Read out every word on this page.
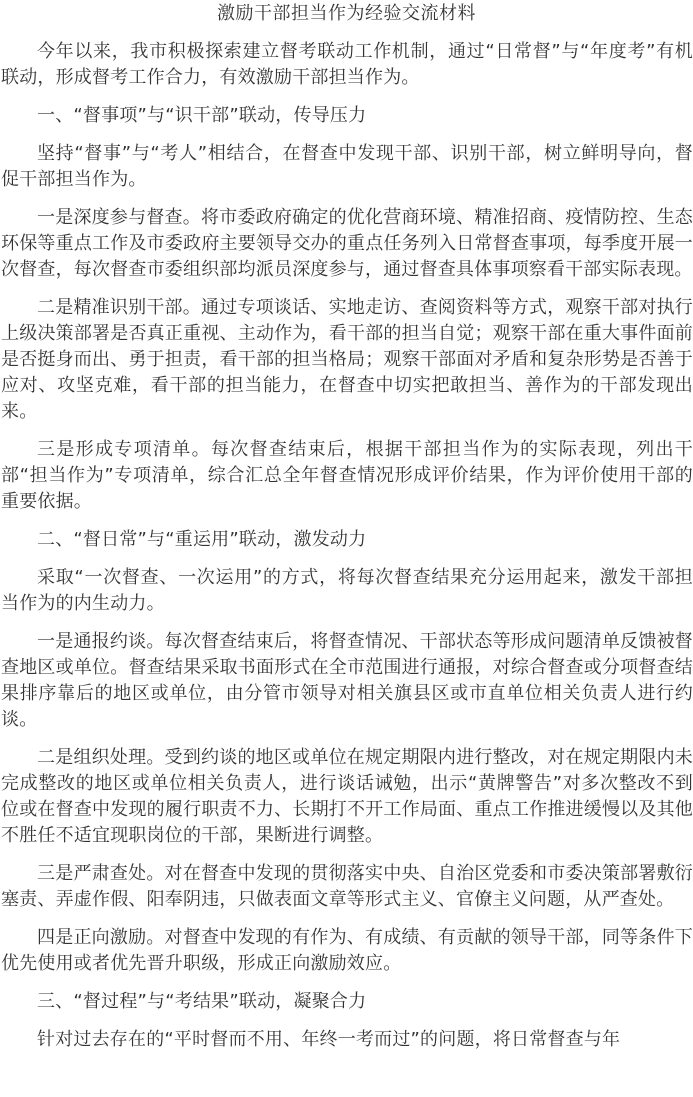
激励干部担当作为经验交流材料

今年以来，我市积极探索建立督考联动工作机制，通过“日常督”与“年度考”有机联动，形成督考工作合力，有效激励干部担当作为。

一、“督事项”与“识干部”联动，传导压力

坚持“督事”与“考人”相结合，在督查中发现干部、识别干部，树立鲜明导向，督促干部担当作为。

一是深度参与督查。将市委政府确定的优化营商环境、精准招商、疫情防控、生态环保等重点工作及市委政府主要领导交办的重点任务列入日常督查事项，每季度开展一次督查，每次督查市委组织部均派员深度参与，通过督查具体事项察看干部实际表现。

二是精准识别干部。通过专项谈话、实地走访、查阅资料等方式，观察干部对执行上级决策部署是否真正重视、主动作为，看干部的担当自觉；观察干部在重大事件面前是否挺身而出、勇于担责，看干部的担当格局；观察干部面对矛盾和复杂形势是否善于应对、攻坚克难，看干部的担当能力，在督查中切实把敢担当、善作为的干部发现出来。

三是形成专项清单。每次督查结束后，根据干部担当作为的实际表现，列出干部“担当作为”专项清单，综合汇总全年督查情况形成评价结果，作为评价使用干部的重要依据。

二、“督日常”与“重运用”联动，激发动力

采取“一次督查、一次运用”的方式，将每次督查结果充分运用起来，激发干部担当作为的内生动力。

一是通报约谈。每次督查结束后，将督查情况、干部状态等形成问题清单反馈被督查地区或单位。督查结果采取书面形式在全市范围进行通报，对综合督查或分项督查结果排序靠后的地区或单位，由分管市领导对相关旗县区或市直单位相关负责人进行约谈。

二是组织处理。受到约谈的地区或单位在规定期限内进行整改，对在规定期限内未完成整改的地区或单位相关负责人，进行谈话诫勉，出示“黄牌警告”对多次整改不到位或在督查中发现的履行职责不力、长期打不开工作局面、重点工作推进缓慢以及其他不胜任不适宜现职岗位的干部，果断进行调整。

三是严肃查处。对在督查中发现的贯彻落实中央、自治区党委和市委决策部署敷衍塞责、弄虚作假、阳奉阴违，只做表面文章等形式主义、官僚主义问题，从严查处。

四是正向激励。对督查中发现的有作为、有成绩、有贡献的领导干部，同等条件下优先使用或者优先晋升职级，形成正向激励效应。

三、“督过程”与“考结果”联动，凝聚合力

针对过去存在的“平时督而不用、年终一考而过”的问题，将日常督查与年
